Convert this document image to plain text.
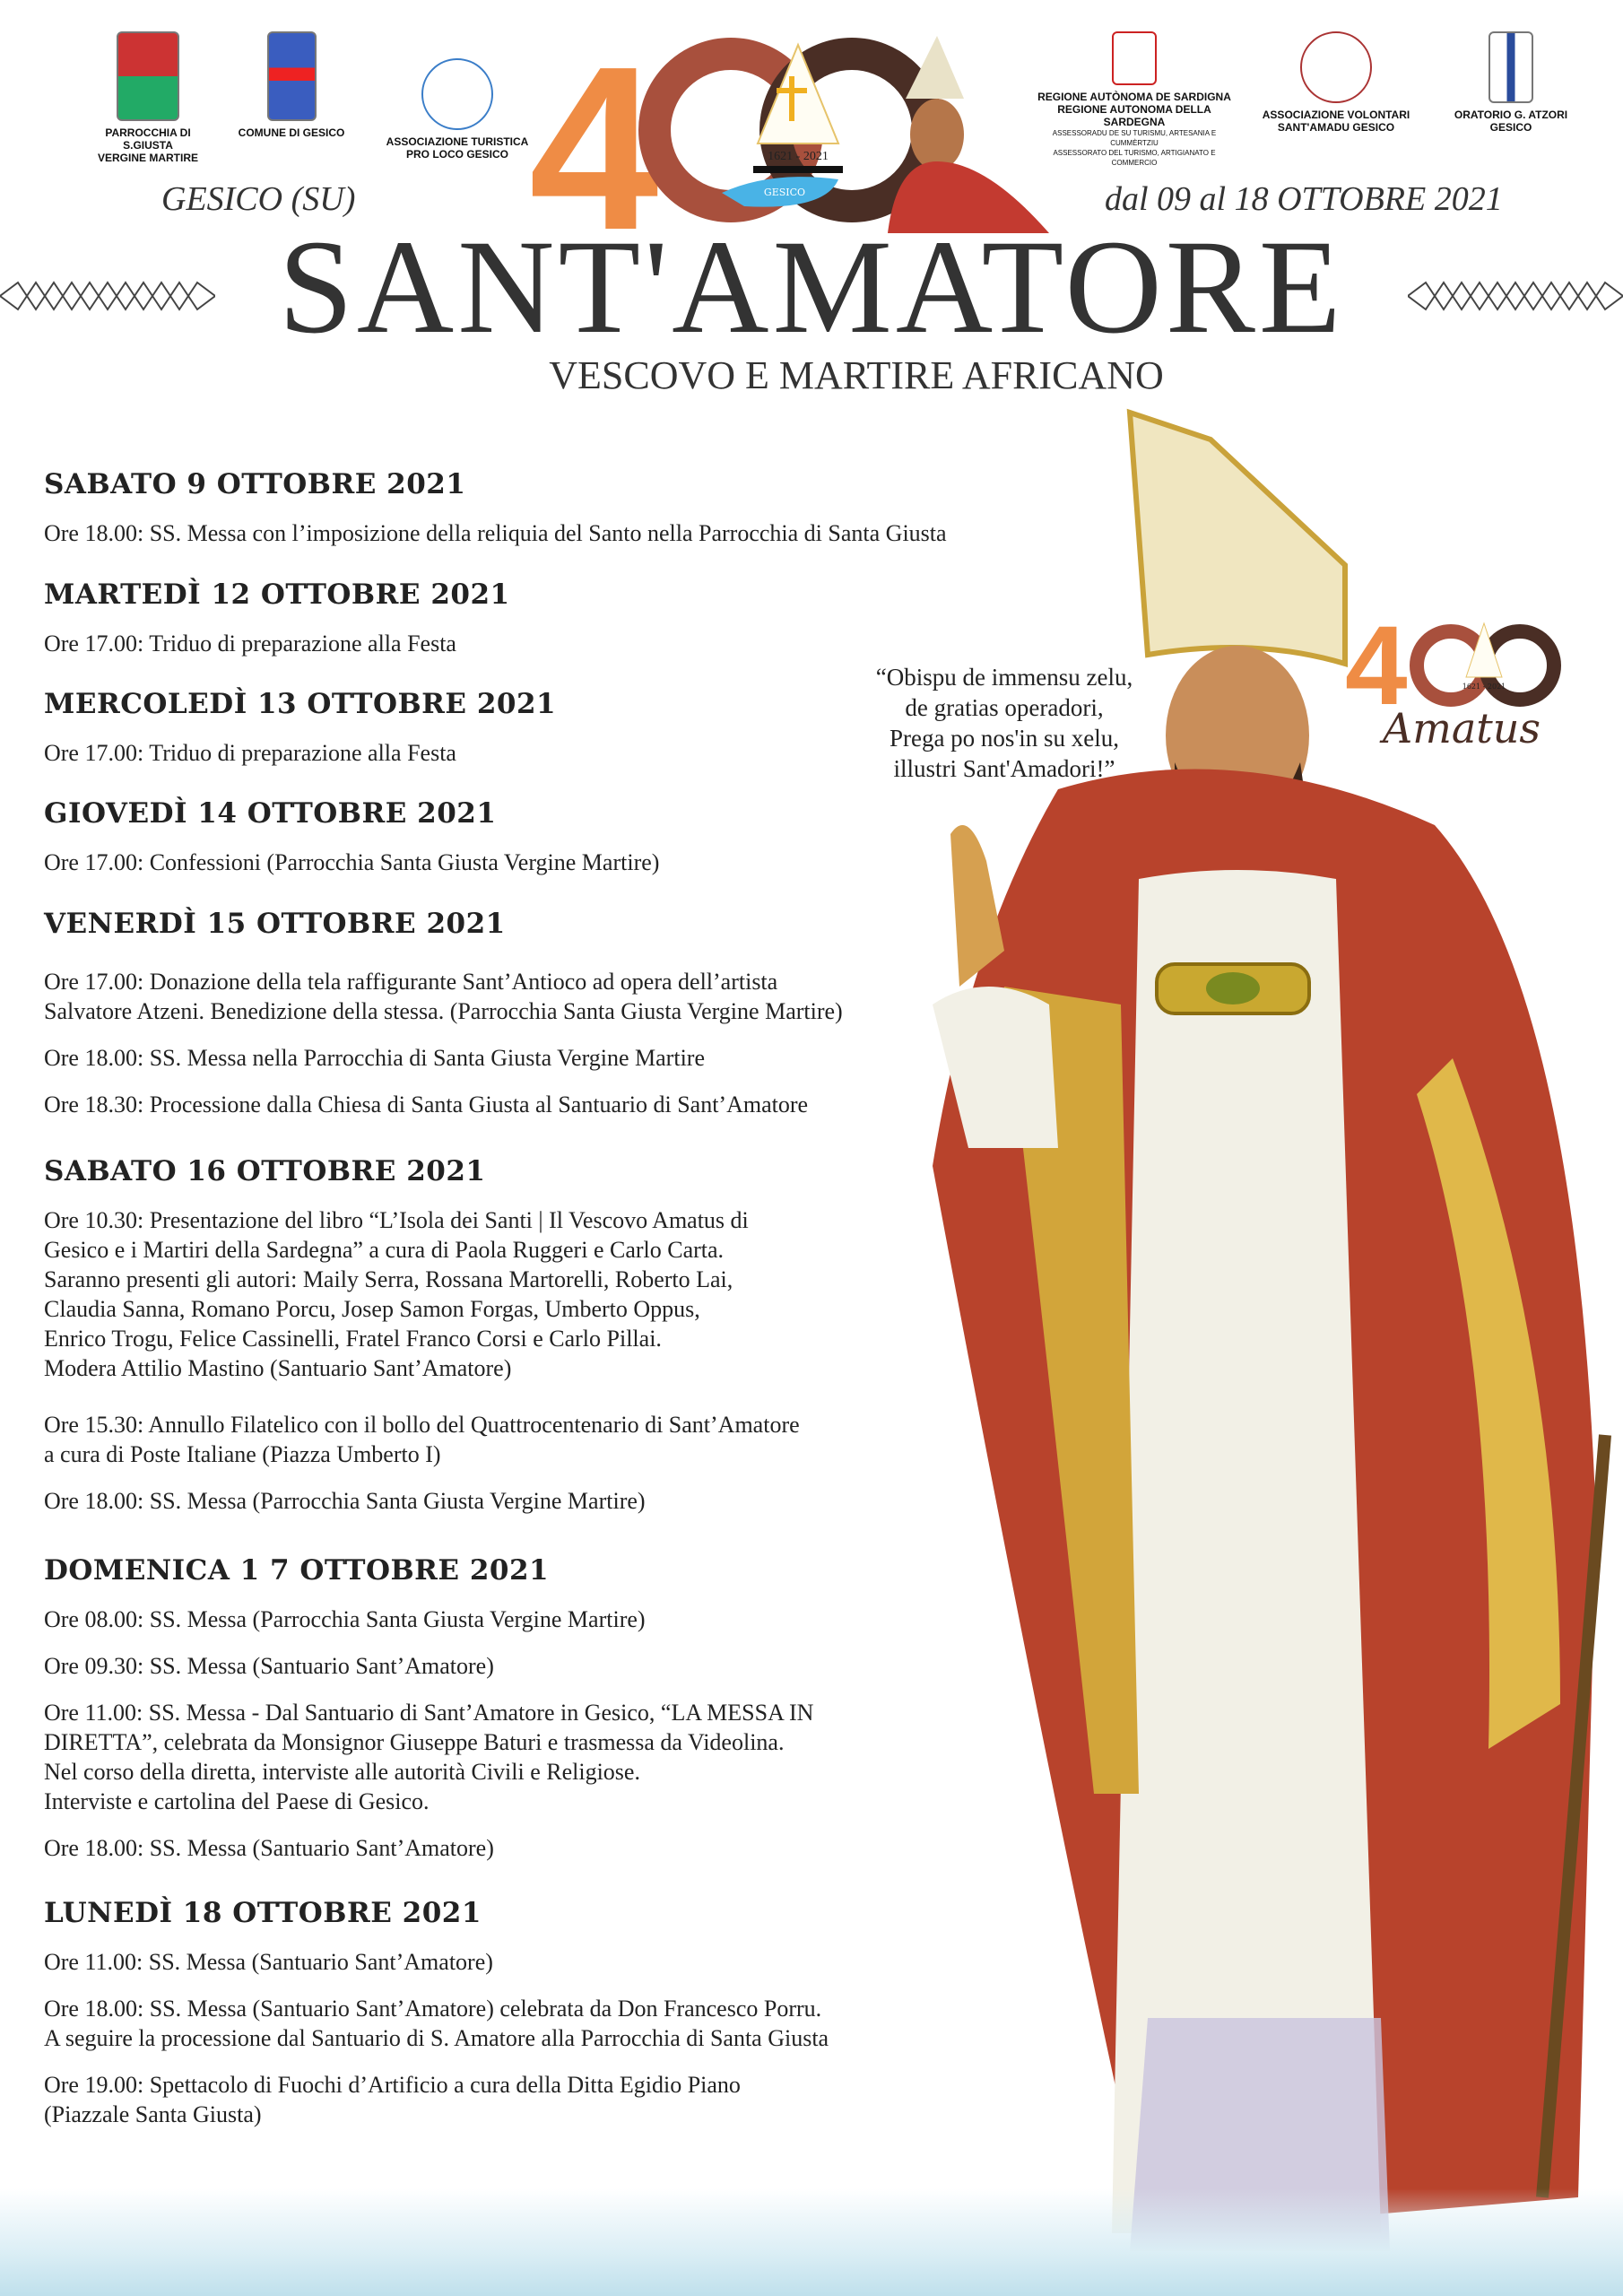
PARROCCHIA DI S.GIUSTA
VERGINE MARTIRE
COMUNE DI GESICO
ASSOCIAZIONE TURISTICA
PRO LOCO GESICO
REGIONE AUTÒNOMA DE SARDIGNA
REGIONE AUTONOMA DELLA SARDEGNA
ASSESSORADU DE SU TURISMU, ARTESANIA E CUMMÈRTZIU
ASSESSORATO DEL TURISMO, ARTIGIANATO E COMMERCIO
ASSOCIAZIONE VOLONTARI
SANT'AMADU GESICO
ORATORIO G. ATZORI
GESICO
4	1621 - 2021
GESICO
GESICO (SU)	dal 09 al 18 OTTOBRE 2021
SANT'AMATORE
VESCOVO E MARTIRE AFRICANO
“Obispu de immensu zelu,
de gratias operadori,
Prega po nos'in su xelu,
illustri Sant'Amadori!”
4	1621 - 2021
Amatus
SABATO 9 OTTOBRE 2021

Ore 18.00: SS. Messa con l’imposizione della reliquia del Santo nella Parrocchia di Santa Giusta

MARTEDÌ 12 OTTOBRE 2021

Ore 17.00: Triduo di preparazione alla Festa

MERCOLEDÌ 13 OTTOBRE 2021

Ore 17.00: Triduo di preparazione alla Festa

GIOVEDÌ 14 OTTOBRE 2021

Ore 17.00: Confessioni (Parrocchia Santa Giusta Vergine Martire)

VENERDÌ 15 OTTOBRE 2021

Ore 17.00: Donazione della tela raffigurante Sant’Antioco ad opera dell’artista
Salvatore Atzeni. Benedizione della stessa. (Parrocchia Santa Giusta Vergine Martire)

Ore 18.00: SS. Messa nella Parrocchia di Santa Giusta Vergine Martire

Ore 18.30: Processione dalla Chiesa di Santa Giusta al Santuario di Sant’Amatore

SABATO 16 OTTOBRE 2021

Ore 10.30: Presentazione del libro “L’Isola dei Santi | Il Vescovo Amatus di
Gesico e i Martiri della Sardegna” a cura di Paola Ruggeri e Carlo Carta.
Saranno presenti gli autori: Maily Serra, Rossana Martorelli, Roberto Lai,
Claudia Sanna, Romano Porcu, Josep Samon Forgas, Umberto Oppus,
Enrico Trogu, Felice Cassinelli, Fratel Franco Corsi e Carlo Pillai.
Modera Attilio Mastino (Santuario Sant’Amatore)

Ore 15.30: Annullo Filatelico con il bollo del Quattrocentenario di Sant’Amatore
a cura di Poste Italiane (Piazza Umberto I)

Ore 18.00: SS. Messa (Parrocchia Santa Giusta Vergine Martire)

DOMENICA 1 7 OTTOBRE 2021

Ore 08.00: SS. Messa (Parrocchia Santa Giusta Vergine Martire)

Ore 09.30: SS. Messa (Santuario Sant’Amatore)

Ore 11.00: SS. Messa - Dal Santuario di Sant’Amatore in Gesico, “LA MESSA IN
DIRETTA”, celebrata da Monsignor Giuseppe Baturi e trasmessa da Videolina.
Nel corso della diretta, interviste alle autorità Civili e Religiose.
Interviste e cartolina del Paese di Gesico.

Ore 18.00: SS. Messa (Santuario Sant’Amatore)

LUNEDÌ 18 OTTOBRE 2021

Ore 11.00: SS. Messa (Santuario Sant’Amatore)

Ore 18.00: SS. Messa (Santuario Sant’Amatore) celebrata da Don Francesco Porru.
A seguire la processione dal Santuario di S. Amatore alla Parrocchia di Santa Giusta

Ore 19.00: Spettacolo di Fuochi d’Artificio a cura della Ditta Egidio Piano
(Piazzale Santa Giusta)
